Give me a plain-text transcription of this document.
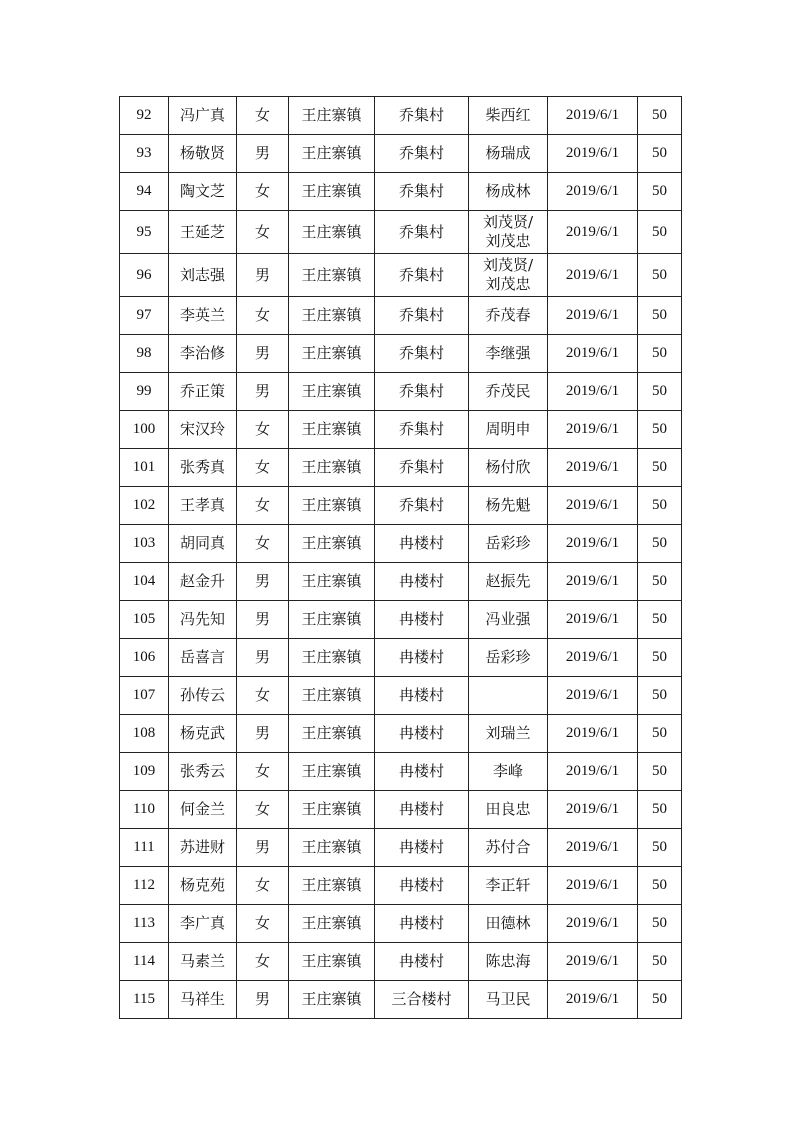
92	冯广真	女	王庄寨镇	乔集村	柴西红	2019/6/1	50
93	杨敬贤	男	王庄寨镇	乔集村	杨瑞成	2019/6/1	50
94	陶文芝	女	王庄寨镇	乔集村	杨成林	2019/6/1	50
95	王延芝	女	王庄寨镇	乔集村	刘茂贤/
刘茂忠	2019/6/1	50
96	刘志强	男	王庄寨镇	乔集村	刘茂贤/
刘茂忠	2019/6/1	50
97	李英兰	女	王庄寨镇	乔集村	乔茂春	2019/6/1	50
98	李治修	男	王庄寨镇	乔集村	李继强	2019/6/1	50
99	乔正策	男	王庄寨镇	乔集村	乔茂民	2019/6/1	50
100	宋汉玲	女	王庄寨镇	乔集村	周明申	2019/6/1	50
101	张秀真	女	王庄寨镇	乔集村	杨付欣	2019/6/1	50
102	王孝真	女	王庄寨镇	乔集村	杨先魁	2019/6/1	50
103	胡同真	女	王庄寨镇	冉楼村	岳彩珍	2019/6/1	50
104	赵金升	男	王庄寨镇	冉楼村	赵振先	2019/6/1	50
105	冯先知	男	王庄寨镇	冉楼村	冯业强	2019/6/1	50
106	岳喜言	男	王庄寨镇	冉楼村	岳彩珍	2019/6/1	50
107	孙传云	女	王庄寨镇	冉楼村		2019/6/1	50
108	杨克武	男	王庄寨镇	冉楼村	刘瑞兰	2019/6/1	50
109	张秀云	女	王庄寨镇	冉楼村	李峰	2019/6/1	50
110	何金兰	女	王庄寨镇	冉楼村	田良忠	2019/6/1	50
111	苏进财	男	王庄寨镇	冉楼村	苏付合	2019/6/1	50
112	杨克苑	女	王庄寨镇	冉楼村	李正轩	2019/6/1	50
113	李广真	女	王庄寨镇	冉楼村	田德林	2019/6/1	50
114	马素兰	女	王庄寨镇	冉楼村	陈忠海	2019/6/1	50
115	马祥生	男	王庄寨镇	三合楼村	马卫民	2019/6/1	50
